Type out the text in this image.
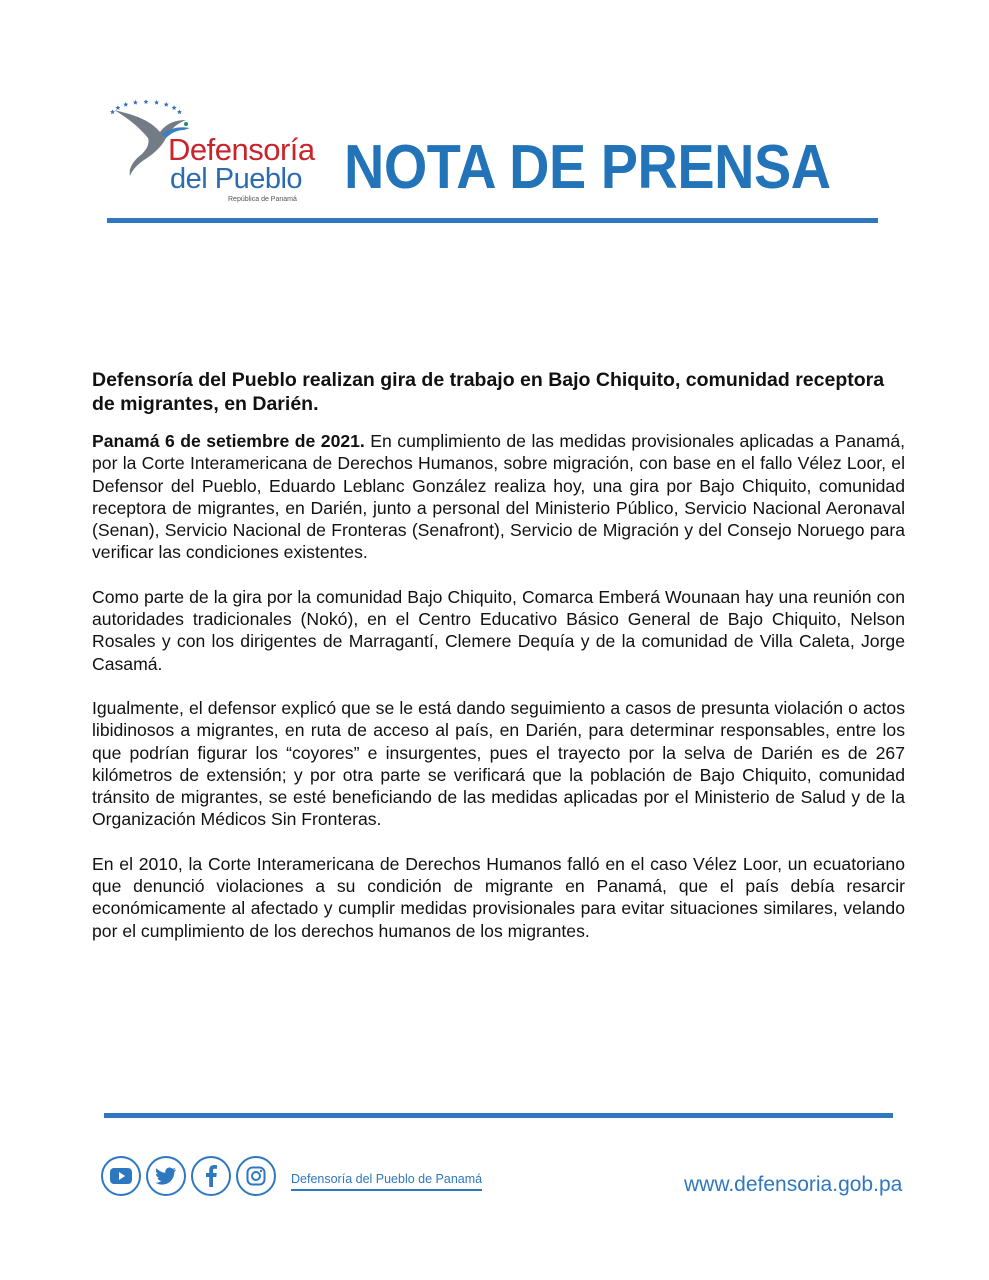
Defensoría
del Pueblo
República de Panamá NOTA DE PRENSA
Defensoría del Pueblo realizan gira de trabajo en Bajo Chiquito, comunidad receptora de migrantes, en Darién.

Panamá 6 de setiembre de 2021. En cumplimiento de las medidas provisionales aplicadas a Panamá, por la Corte Interamericana de Derechos Humanos, sobre migración, con base en el fallo Vélez Loor, el Defensor del Pueblo, Eduardo Leblanc González realiza hoy, una gira por Bajo Chiquito, comunidad receptora de migrantes, en Darién, junto a personal del Ministerio Público, Servicio Nacional Aeronaval (Senan), Servicio Nacional de Fronteras (Senafront), Servicio de Migración y del Consejo Noruego para verificar las condiciones existentes.

Como parte de la gira por la comunidad Bajo Chiquito, Comarca Emberá Wounaan hay una reunión con autoridades tradicionales (Nokó), en el Centro Educativo Básico General de Bajo Chiquito, Nelson Rosales y con los dirigentes de Marragantí, Clemere Dequía y de la comunidad de Villa Caleta, Jorge Casamá.

Igualmente, el defensor explicó que se le está dando seguimiento a casos de presunta violación o actos libidinosos a migrantes, en ruta de acceso al país, en Darién, para determinar responsables, entre los que podrían figurar los “coyores” e insurgentes, pues el trayecto por la selva de Darién es de 267 kilómetros de extensión; y por otra parte se verificará que la población de Bajo Chiquito, comunidad tránsito de migrantes, se esté beneficiando de las medidas aplicadas por el Ministerio de Salud y de la Organización Médicos Sin Fronteras.

En el 2010, la Corte Interamericana de Derechos Humanos falló en el caso Vélez Loor, un ecuatoriano que denunció violaciones a su condición de migrante en Panamá, que el país debía resarcir económicamente al afectado y cumplir medidas provisionales para evitar situaciones similares, velando por el cumplimiento de los derechos humanos de los migrantes.

Defensoría del Pueblo de Panamá	www.defensoria.gob.pa
